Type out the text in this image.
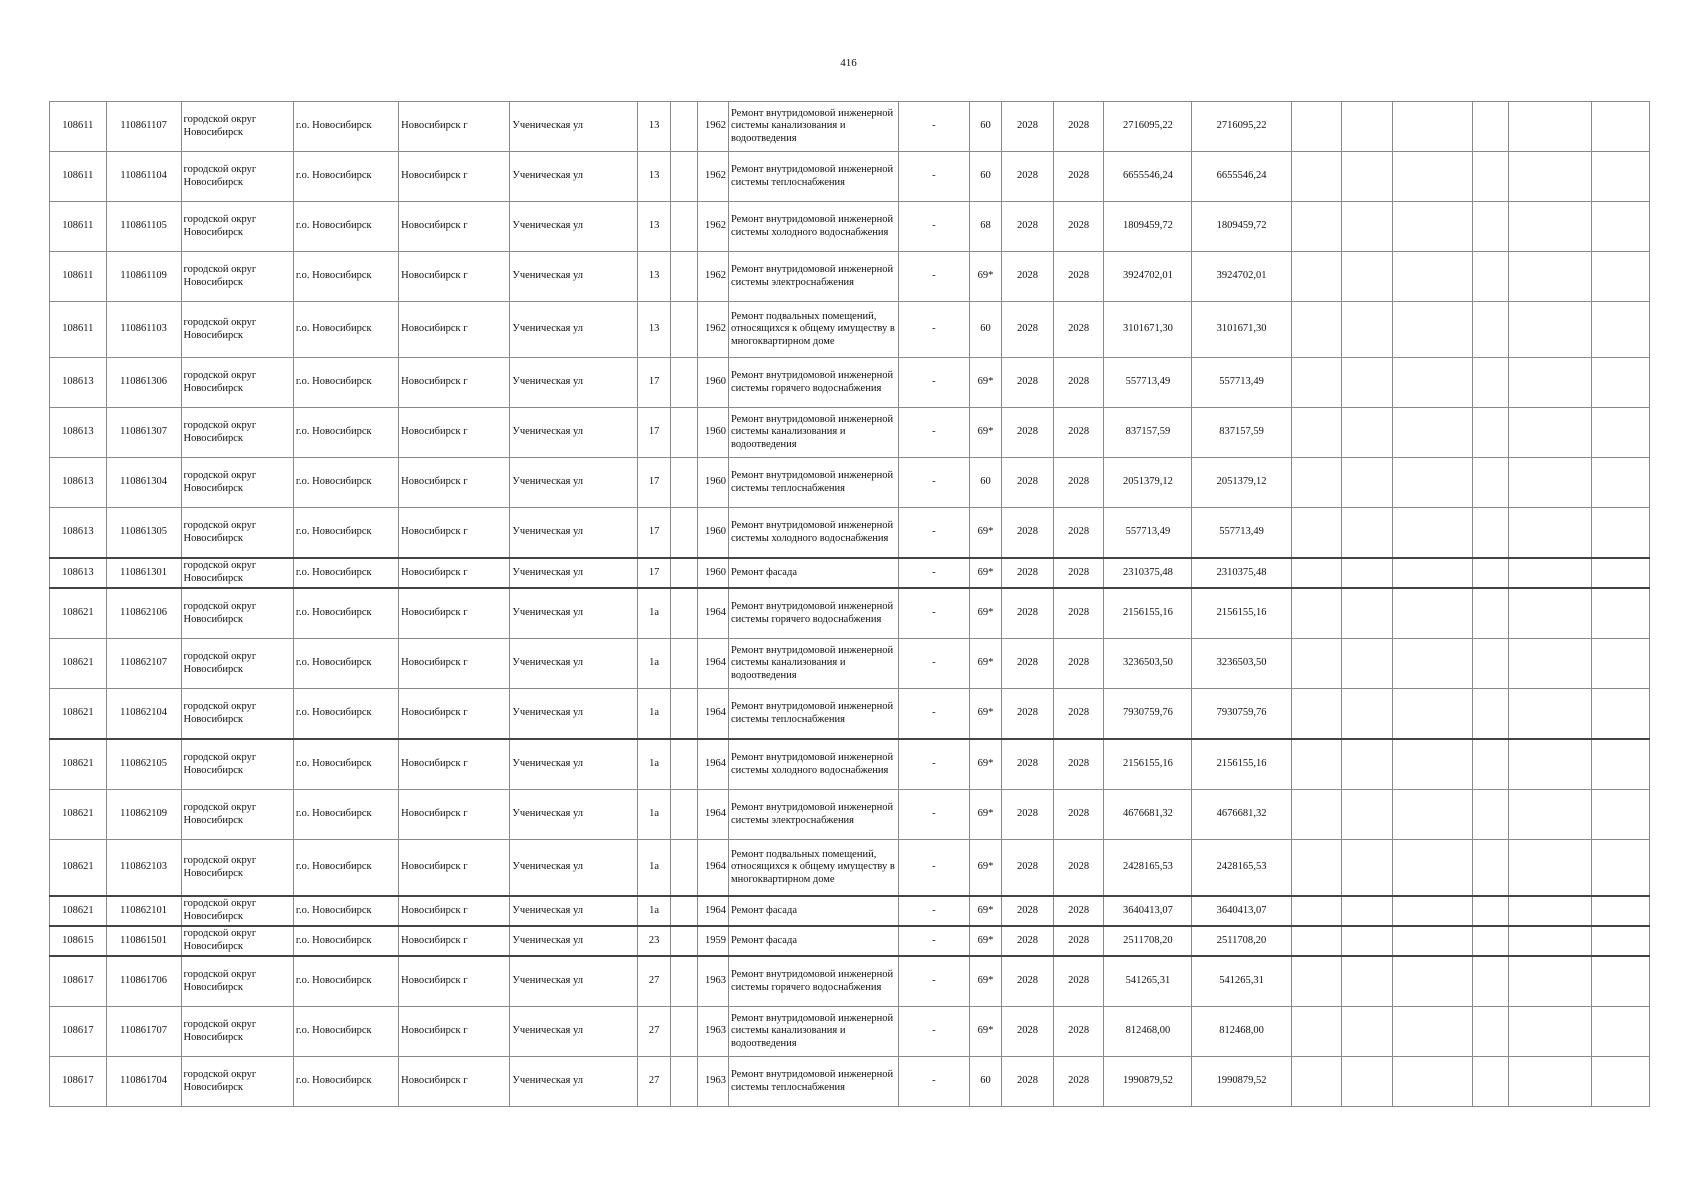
416
108611	110861107	городской округ Новосибирск	г.о. Новосибирск	Новосибирск г	Ученическая ул	13		1962	Ремонт внутридомовой инженерной системы канализования и водоотведения	-	60	2028	2028	2716095,22	2716095,22						
108611	110861104	городской округ Новосибирск	г.о. Новосибирск	Новосибирск г	Ученическая ул	13		1962	Ремонт внутридомовой инженерной системы теплоснабжения	-	60	2028	2028	6655546,24	6655546,24						
108611	110861105	городской округ Новосибирск	г.о. Новосибирск	Новосибирск г	Ученическая ул	13		1962	Ремонт внутридомовой инженерной системы холодного водоснабжения	-	68	2028	2028	1809459,72	1809459,72						
108611	110861109	городской округ Новосибирск	г.о. Новосибирск	Новосибирск г	Ученическая ул	13		1962	Ремонт внутридомовой инженерной системы электроснабжения	-	69*	2028	2028	3924702,01	3924702,01						
108611	110861103	городской округ Новосибирск	г.о. Новосибирск	Новосибирск г	Ученическая ул	13		1962	Ремонт подвальных помещений, относящихся к общему имуществу в многоквартирном доме	-	60	2028	2028	3101671,30	3101671,30						
108613	110861306	городской округ Новосибирск	г.о. Новосибирск	Новосибирск г	Ученическая ул	17		1960	Ремонт внутридомовой инженерной системы горячего водоснабжения	-	69*	2028	2028	557713,49	557713,49						
108613	110861307	городской округ Новосибирск	г.о. Новосибирск	Новосибирск г	Ученическая ул	17		1960	Ремонт внутридомовой инженерной системы канализования и водоотведения	-	69*	2028	2028	837157,59	837157,59						
108613	110861304	городской округ Новосибирск	г.о. Новосибирск	Новосибирск г	Ученическая ул	17		1960	Ремонт внутридомовой инженерной системы теплоснабжения	-	60	2028	2028	2051379,12	2051379,12						
108613	110861305	городской округ Новосибирск	г.о. Новосибирск	Новосибирск г	Ученическая ул	17		1960	Ремонт внутридомовой инженерной системы холодного водоснабжения	-	69*	2028	2028	557713,49	557713,49						
108613	110861301	городской округ Новосибирск	г.о. Новосибирск	Новосибирск г	Ученическая ул	17		1960	Ремонт фасада	-	69*	2028	2028	2310375,48	2310375,48						
108621	110862106	городской округ Новосибирск	г.о. Новосибирск	Новосибирск г	Ученическая ул	1а		1964	Ремонт внутридомовой инженерной системы горячего водоснабжения	-	69*	2028	2028	2156155,16	2156155,16						
108621	110862107	городской округ Новосибирск	г.о. Новосибирск	Новосибирск г	Ученическая ул	1а		1964	Ремонт внутридомовой инженерной системы канализования и водоотведения	-	69*	2028	2028	3236503,50	3236503,50						
108621	110862104	городской округ Новосибирск	г.о. Новосибирск	Новосибирск г	Ученическая ул	1а		1964	Ремонт внутридомовой инженерной системы теплоснабжения	-	69*	2028	2028	7930759,76	7930759,76						
108621	110862105	городской округ Новосибирск	г.о. Новосибирск	Новосибирск г	Ученическая ул	1а		1964	Ремонт внутридомовой инженерной системы холодного водоснабжения	-	69*	2028	2028	2156155,16	2156155,16						
108621	110862109	городской округ Новосибирск	г.о. Новосибирск	Новосибирск г	Ученическая ул	1а		1964	Ремонт внутридомовой инженерной системы электроснабжения	-	69*	2028	2028	4676681,32	4676681,32						
108621	110862103	городской округ Новосибирск	г.о. Новосибирск	Новосибирск г	Ученическая ул	1а		1964	Ремонт подвальных помещений, относящихся к общему имуществу в многоквартирном доме	-	69*	2028	2028	2428165,53	2428165,53						
108621	110862101	городской округ Новосибирск	г.о. Новосибирск	Новосибирск г	Ученическая ул	1а		1964	Ремонт фасада	-	69*	2028	2028	3640413,07	3640413,07						
108615	110861501	городской округ Новосибирск	г.о. Новосибирск	Новосибирск г	Ученическая ул	23		1959	Ремонт фасада	-	69*	2028	2028	2511708,20	2511708,20						
108617	110861706	городской округ Новосибирск	г.о. Новосибирск	Новосибирск г	Ученическая ул	27		1963	Ремонт внутридомовой инженерной системы горячего водоснабжения	-	69*	2028	2028	541265,31	541265,31						
108617	110861707	городской округ Новосибирск	г.о. Новосибирск	Новосибирск г	Ученическая ул	27		1963	Ремонт внутридомовой инженерной системы канализования и водоотведения	-	69*	2028	2028	812468,00	812468,00						
108617	110861704	городской округ Новосибирск	г.о. Новосибирск	Новосибирск г	Ученическая ул	27		1963	Ремонт внутридомовой инженерной системы теплоснабжения	-	60	2028	2028	1990879,52	1990879,52						
